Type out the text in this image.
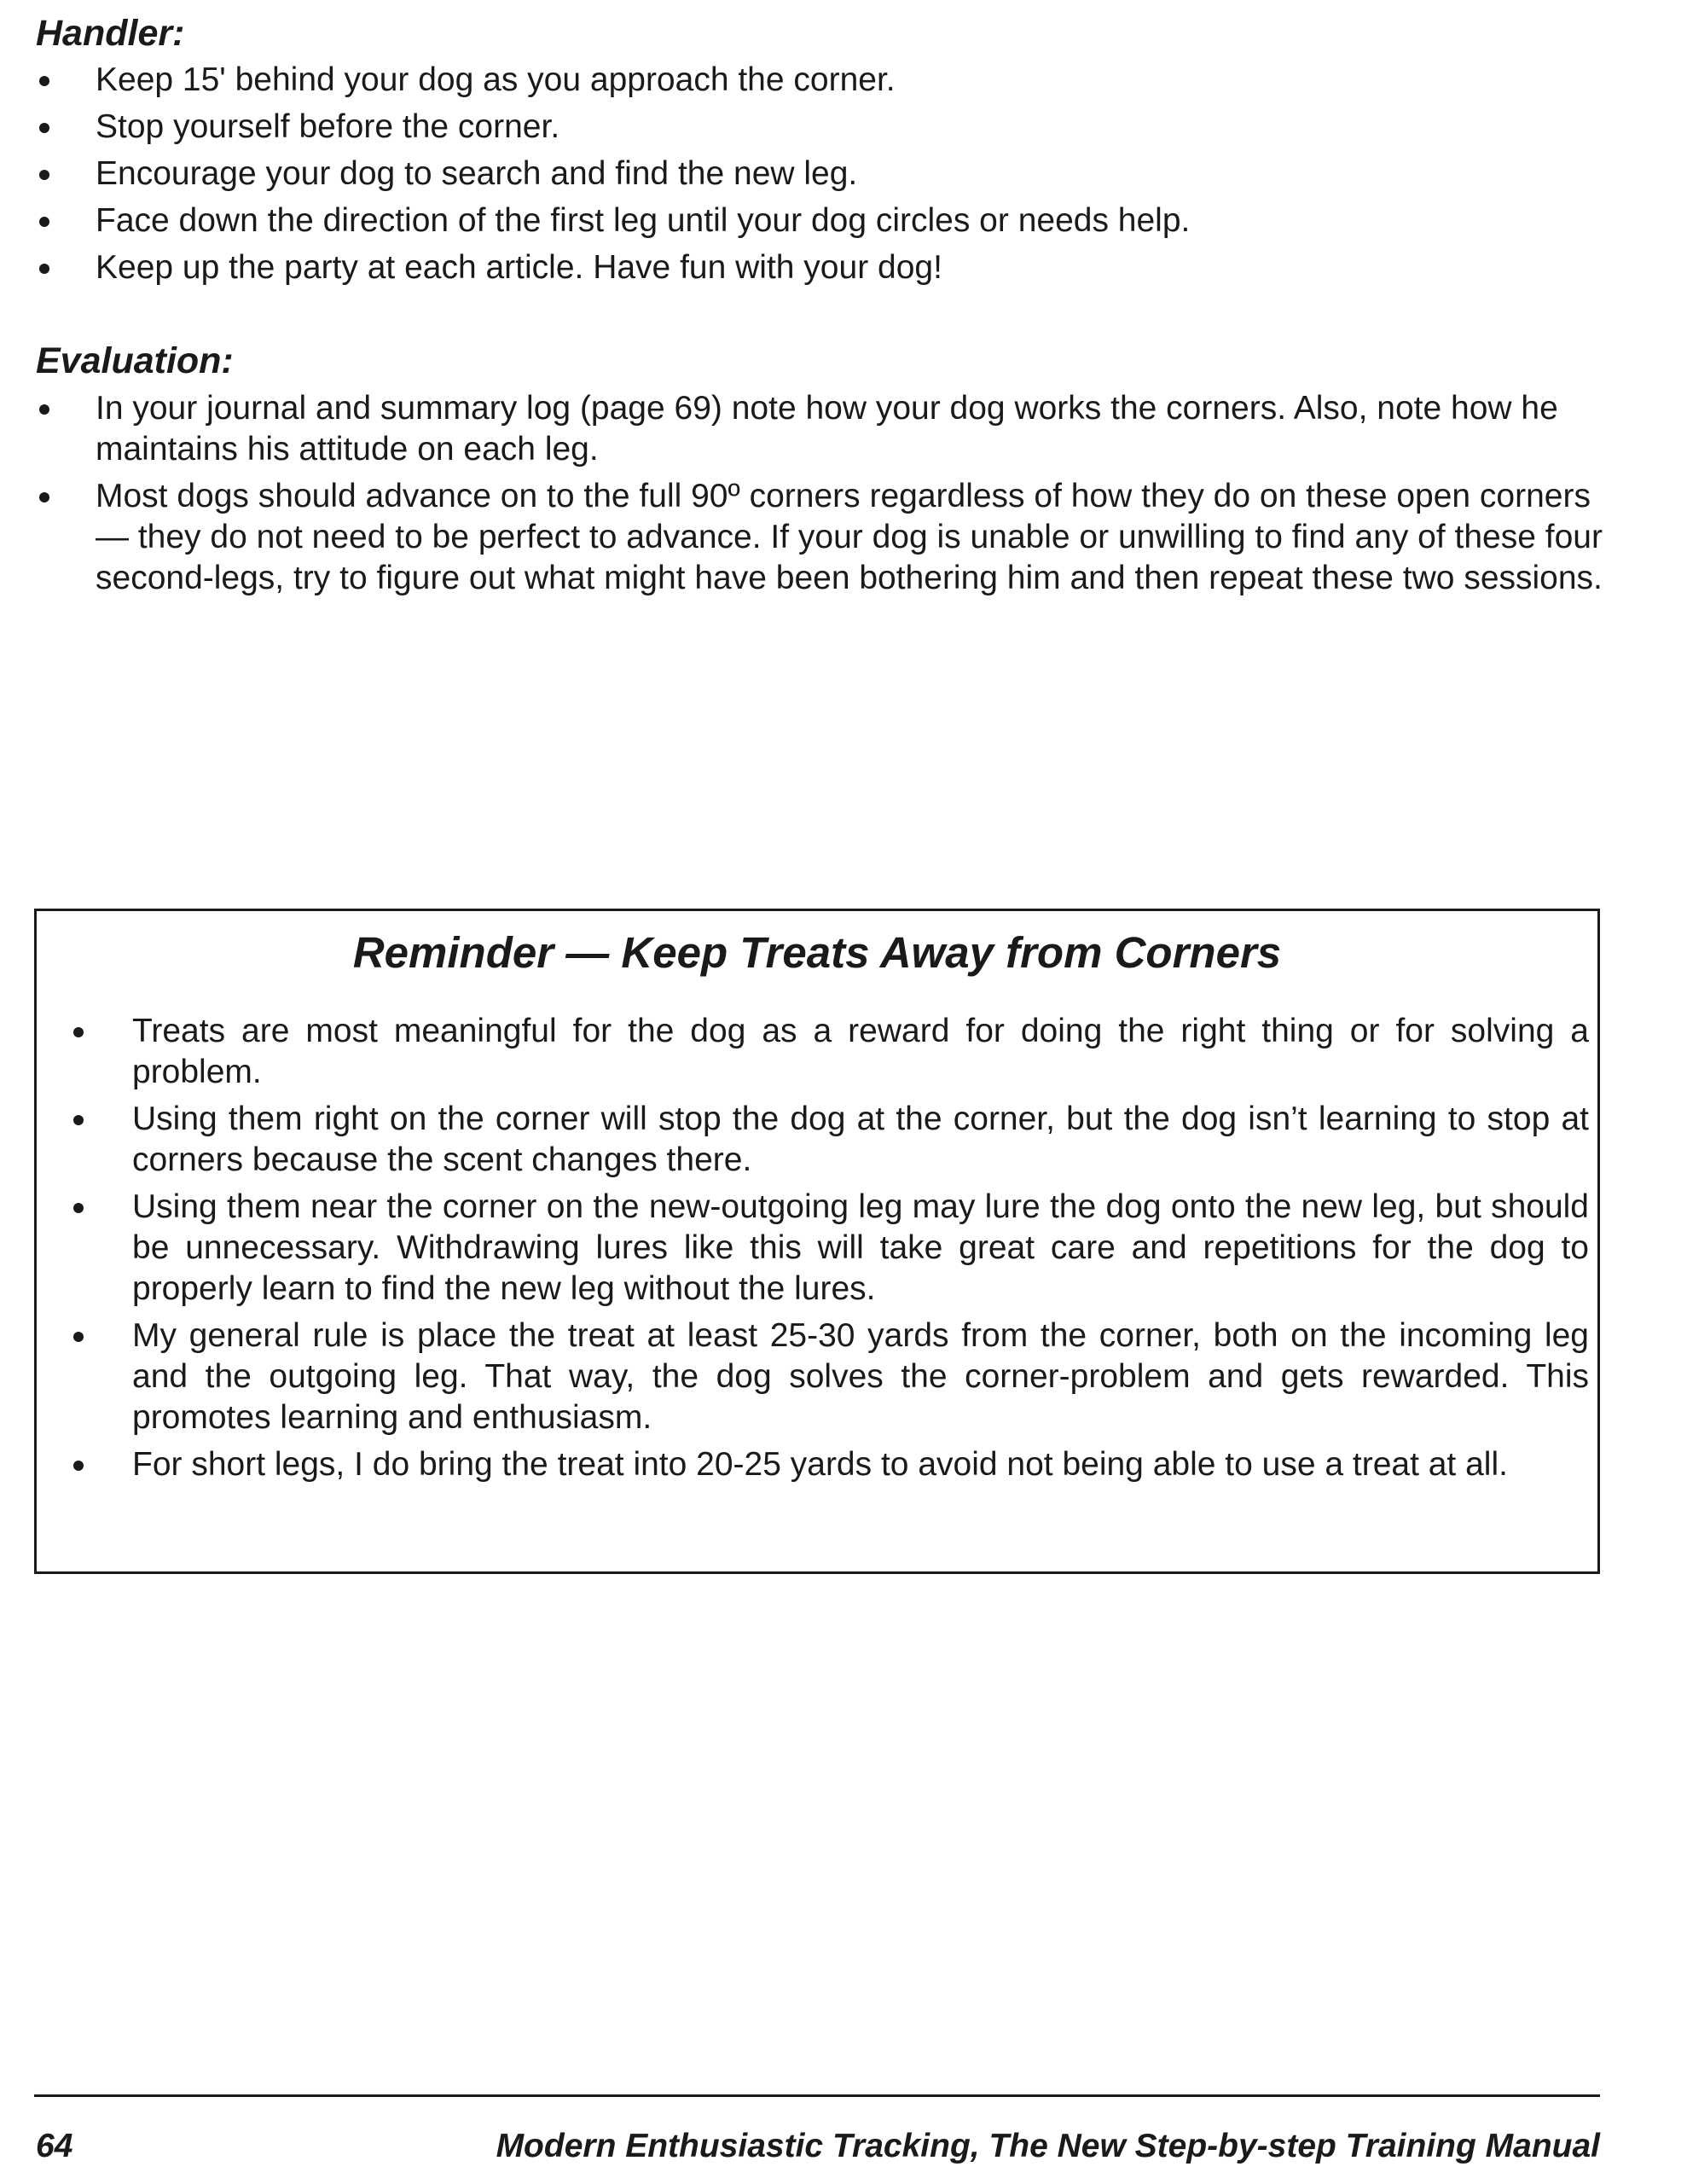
Handler:
Keep 15' behind your dog as you approach the corner.
Stop yourself before the corner.
Encourage your dog to search and find the new leg.
Face down the direction of the first leg until your dog circles or needs help.
Keep up the party at each article. Have fun with your dog!
Evaluation:
In your journal and summary log (page 69) note how your dog works the corners. Also, note how he maintains his attitude on each leg.
Most dogs should advance on to the full 90º corners regardless of how they do on these open corners — they do not need to be perfect to advance. If your dog is unable or unwilling to find any of these four second-legs, try to figure out what might have been bothering him and then repeat these two sessions.
Reminder — Keep Treats Away from Corners
Treats are most meaningful for the dog as a reward for doing the right thing or for solving a problem.
Using them right on the corner will stop the dog at the corner, but the dog isn’t learning to stop at corners because the scent changes there.
Using them near the corner on the new-outgoing leg may lure the dog onto the new leg, but should be unnecessary. Withdrawing lures like this will take great care and repetitions for the dog to properly learn to find the new leg without the lures.
My general rule is place the treat at least 25-30 yards from the corner, both on the incoming leg and the outgoing leg. That way, the dog solves the corner-problem and gets rewarded. This promotes learning and enthusiasm.
For short legs, I do bring the treat into 20-25 yards to avoid not being able to use a treat at all.
64	Modern Enthusiastic Tracking, The New Step-by-step Training Manual
